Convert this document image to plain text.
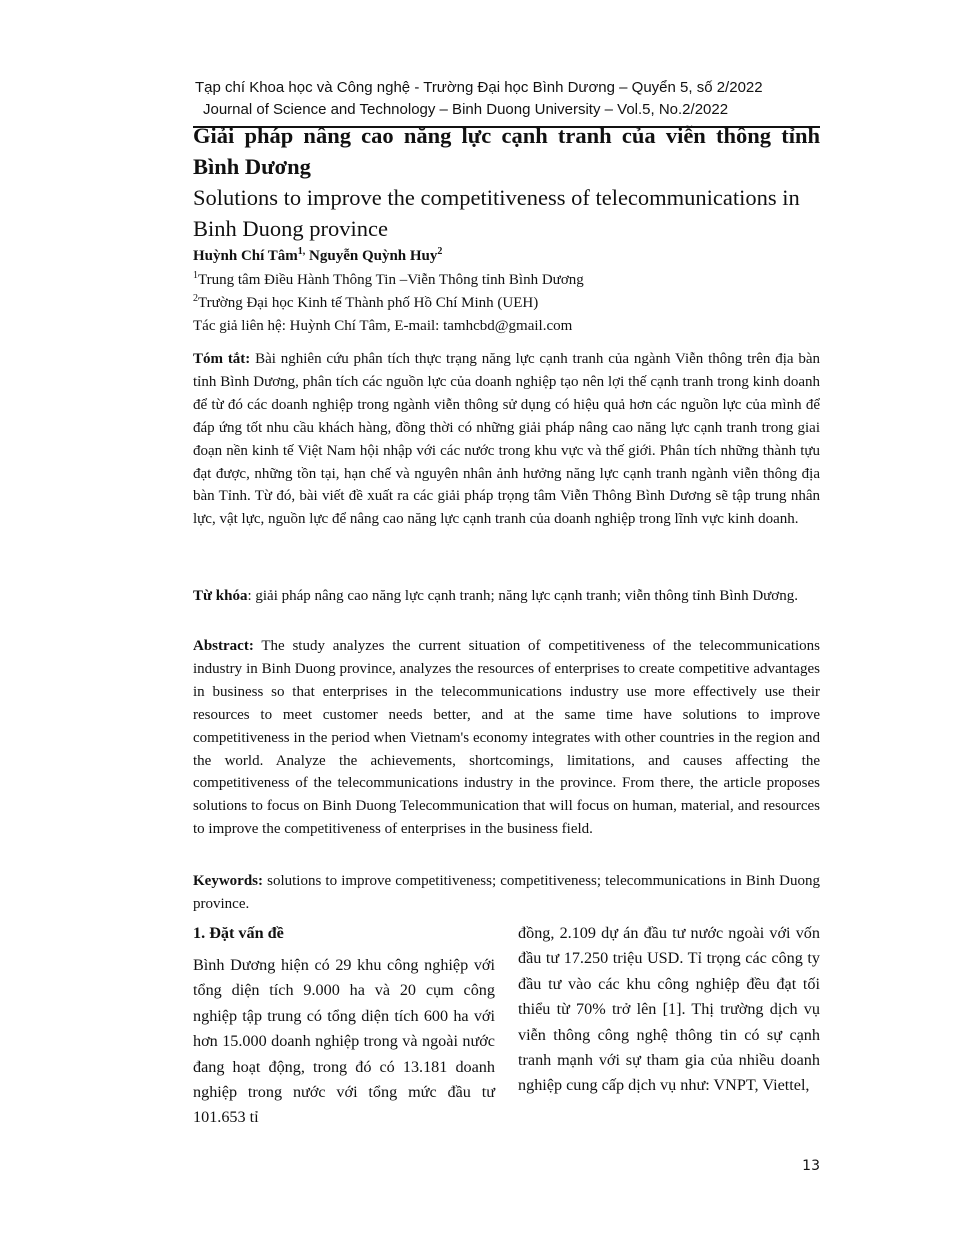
Tạp chí Khoa học và Công nghệ - Trường Đại học Bình Dương – Quyển 5, số 2/2022
Journal of Science and Technology – Binh Duong University – Vol.5, No.2/2022
Giải pháp nâng cao năng lực cạnh tranh của viễn thông tỉnh Bình Dương
Solutions to improve the competitiveness of telecommunications in Binh Duong province
Huỳnh Chí Tâm$^{1,}$ Nguyễn Quỳnh Huy$^2$
$^1$Trung tâm Điều Hành Thông Tin –Viễn Thông tỉnh Bình Dương
$^2$Trường Đại học Kinh tế Thành phố Hồ Chí Minh (UEH)
Tác giả liên hệ: Huỳnh Chí Tâm, E-mail: tamhcbd@gmail.com

Tóm tắt: Bài nghiên cứu phân tích thực trạng năng lực cạnh tranh của ngành Viễn thông trên địa bàn tỉnh Bình Dương, phân tích các nguồn lực của doanh nghiệp tạo nên lợi thế cạnh tranh trong kinh doanh để từ đó các doanh nghiệp trong ngành viễn thông sử dụng có hiệu quả hơn các nguồn lực của mình để đáp ứng tốt nhu cầu khách hàng, đồng thời có những giải pháp nâng cao năng lực cạnh tranh trong giai đoạn nền kinh tế Việt Nam hội nhập với các nước trong khu vực và thế giới. Phân tích những thành tựu đạt được, những tồn tại, hạn chế và nguyên nhân ảnh hưởng năng lực cạnh tranh ngành viễn thông địa bàn Tỉnh. Từ đó, bài viết đề xuất ra các giải pháp trọng tâm Viễn Thông Bình Dương sẽ tập trung nhân lực, vật lực, nguồn lực để nâng cao năng lực cạnh tranh của doanh nghiệp trong lĩnh vực kinh doanh.

Từ khóa: giải pháp nâng cao năng lực cạnh tranh; năng lực cạnh tranh; viễn thông tỉnh Bình Dương.

Abstract: The study analyzes the current situation of competitiveness of the telecommunications industry in Binh Duong province, analyzes the resources of enterprises to create competitive advantages in business so that enterprises in the telecommunications industry use more effectively use their resources to meet customer needs better, and at the same time have solutions to improve competitiveness in the period when Vietnam's economy integrates with other countries in the region and the world. Analyze the achievements, shortcomings, limitations, and causes affecting the competitiveness of the telecommunications industry in the province. From there, the article proposes solutions to focus on Binh Duong Telecommunication that will focus on human, material, and resources to improve the competitiveness of enterprises in the business field.

Keywords: solutions to improve competitiveness; competitiveness; telecommunications in Binh Duong province.

1. Đặt vấn đề

Bình Dương hiện có 29 khu công nghiệp với tổng diện tích 9.000 ha và 20 cụm công nghiệp tập trung có tổng diện tích 600 ha với hơn 15.000 doanh nghiệp trong và ngoài nước đang hoạt động, trong đó có 13.181 doanh nghiệp trong nước với tổng mức đầu tư 101.653 tỉ

đồng, 2.109 dự án đầu tư nước ngoài với vốn đầu tư 17.250 triệu USD. Tỉ trọng các công ty đầu tư vào các khu công nghiệp đều đạt tối thiểu từ 70% trở lên [1]. Thị trường dịch vụ viễn thông công nghệ thông tin có sự cạnh tranh mạnh với sự tham gia của nhiều doanh nghiệp cung cấp dịch vụ như: VNPT, Viettel,

13
